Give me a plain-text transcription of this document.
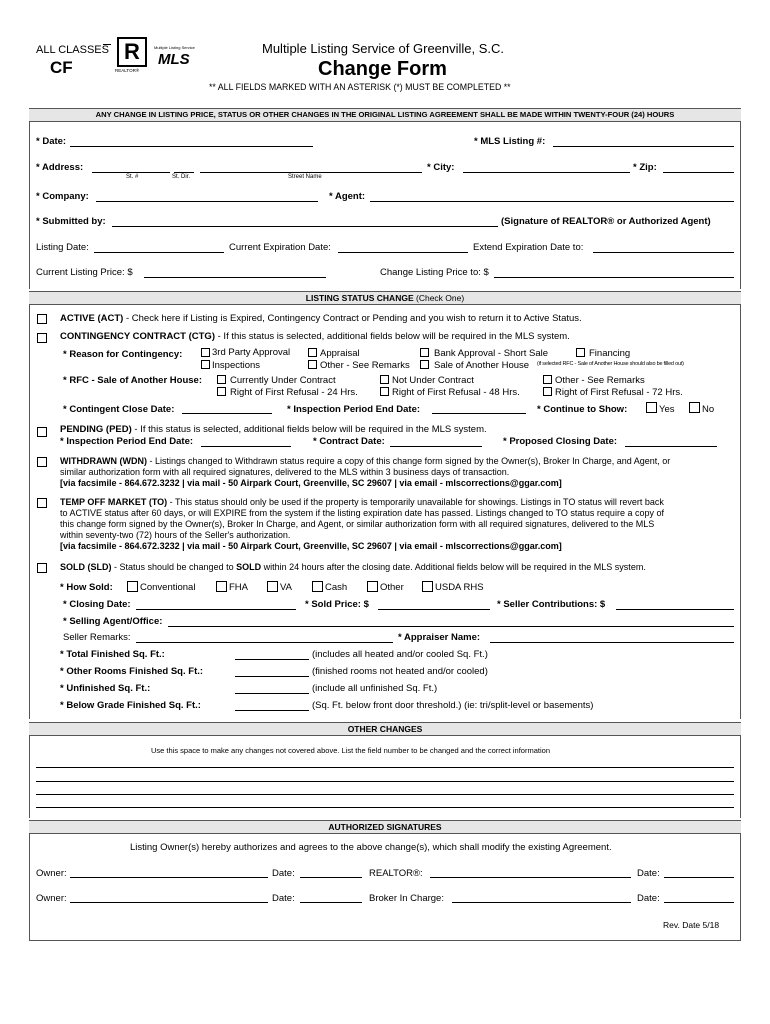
ALL CLASSES
CF
R
REALTOR®
Multiple Listing Service
MLS
Multiple Listing Service of Greenville, S.C.
Change Form
** ALL FIELDS MARKED WITH AN ASTERISK (*) MUST BE COMPLETED **
ANY CHANGE IN LISTING PRICE, STATUS OR OTHER CHANGES IN THE ORIGINAL LISTING AGREEMENT SHALL BE MADE WITHIN TWENTY-FOUR (24) HOURS
* Date:	* MLS Listing #:
* Address:
St. #	St. Dir.	Street Name
* City:	* Zip:
* Company:	* Agent:
* Submitted by:	(Signature of REALTOR® or Authorized Agent)
Listing Date:	Current Expiration Date:	Extend Expiration Date to:
Current Listing Price: $	Change Listing Price to: $
LISTING STATUS CHANGE (Check One)
ACTIVE (ACT) - Check here if Listing is Expired, Contingency Contract or Pending and you wish to return it to Active Status.
CONTINGENCY CONTRACT (CTG) - If this status is selected, additional fields below will be required in the MLS system.
* Reason for Contingency:	3rd Party Approval	Appraisal	Bank Approval - Short Sale	Financing
Inspections	Other - See Remarks	Sale of Another House (if selected RFC - Sale of Another House should also be filled out)
* RFC - Sale of Another House:	Currently Under Contract	Not Under Contract	Other - See Remarks
Right of First Refusal - 24 Hrs.	Right of First Refusal - 48 Hrs.	Right of First Refusal - 72 Hrs.
* Contingent Close Date:	* Inspection Period End Date:	* Continue to Show:	Yes	No
PENDING (PED) - If this status is selected, additional fields below will be required in the MLS system.
* Inspection Period End Date:	* Contract Date:	* Proposed Closing Date:
WITHDRAWN (WDN) - Listings changed to Withdrawn status require a copy of this change form signed by the Owner(s), Broker In Charge, and Agent, or
similar authorization form with all required signatures, delivered to the MLS within 3 business days of transaction.
[via facsimile - 864.672.3232 | via mail - 50 Airpark Court, Greenville, SC 29607 | via email - mlscorrections@ggar.com]
TEMP OFF MARKET (TO) - This status should only be used if the property is temporarily unavailable for showings. Listings in TO status will revert back
to ACTIVE status after 60 days, or will EXPIRE from the system if the listing expiration date has passed. Listings changed to TO status require a copy of
this change form signed by the Owner(s), Broker In Charge, and Agent, or similar authorization form with all required signatures, delivered to the MLS
within seventy-two (72) hours of the Seller's authorization.
[via facsimile - 864.672.3232 | via mail - 50 Airpark Court, Greenville, SC 29607 | via email - mlscorrections@ggar.com]
SOLD (SLD) - Status should be changed to SOLD within 24 hours after the closing date. Additional fields below will be required in the MLS system.
* How Sold:	Conventional	FHA	VA	Cash	Other	USDA RHS
* Closing Date:	* Sold Price: $	* Seller Contributions: $
* Selling Agent/Office:
Seller Remarks:	* Appraiser Name:
* Total Finished Sq. Ft.:	(includes all heated and/or cooled Sq. Ft.)
* Other Rooms Finished Sq. Ft.:	(finished rooms not heated and/or cooled)
* Unfinished Sq. Ft.:	(include all unfinished Sq. Ft.)
* Below Grade Finished Sq. Ft.:	(Sq. Ft. below front door threshold.) (ie: tri/split-level or basements)
OTHER CHANGES
Use this space to make any changes not covered above. List the field number to be changed and the correct information
AUTHORIZED SIGNATURES
Listing Owner(s) hereby authorizes and agrees to the above change(s), which shall modify the existing Agreement.
Owner:	Date:	REALTOR®:	Date:
Owner:	Date:	Broker In Charge:	Date:
Rev. Date 5/18
